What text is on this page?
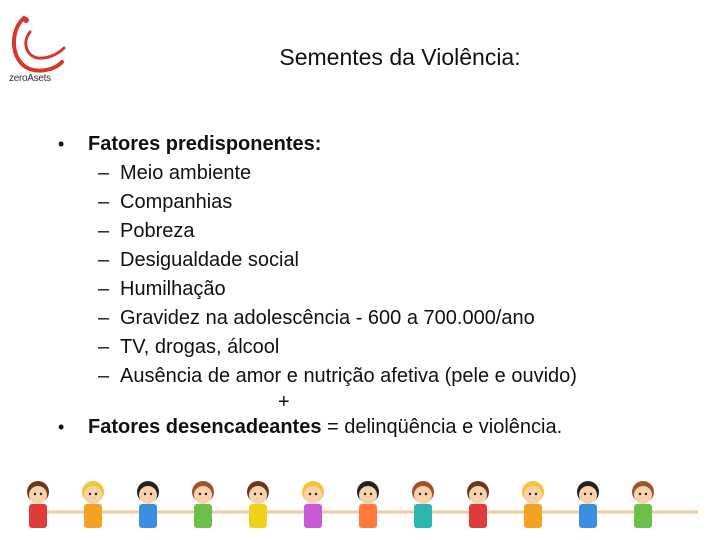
zeroAsets
Sementes da Violência:
• Fatores predisponentes:
– Meio ambiente
– Companhias
– Pobreza
– Desigualdade social
– Humilhação
– Gravidez na adolescência - 600 a 700.000/ano
– TV, drogas, álcool
– Ausência de amor e nutrição afetiva (pele e ouvido)
+
• Fatores desencadeantes = delinqüência e violência.
